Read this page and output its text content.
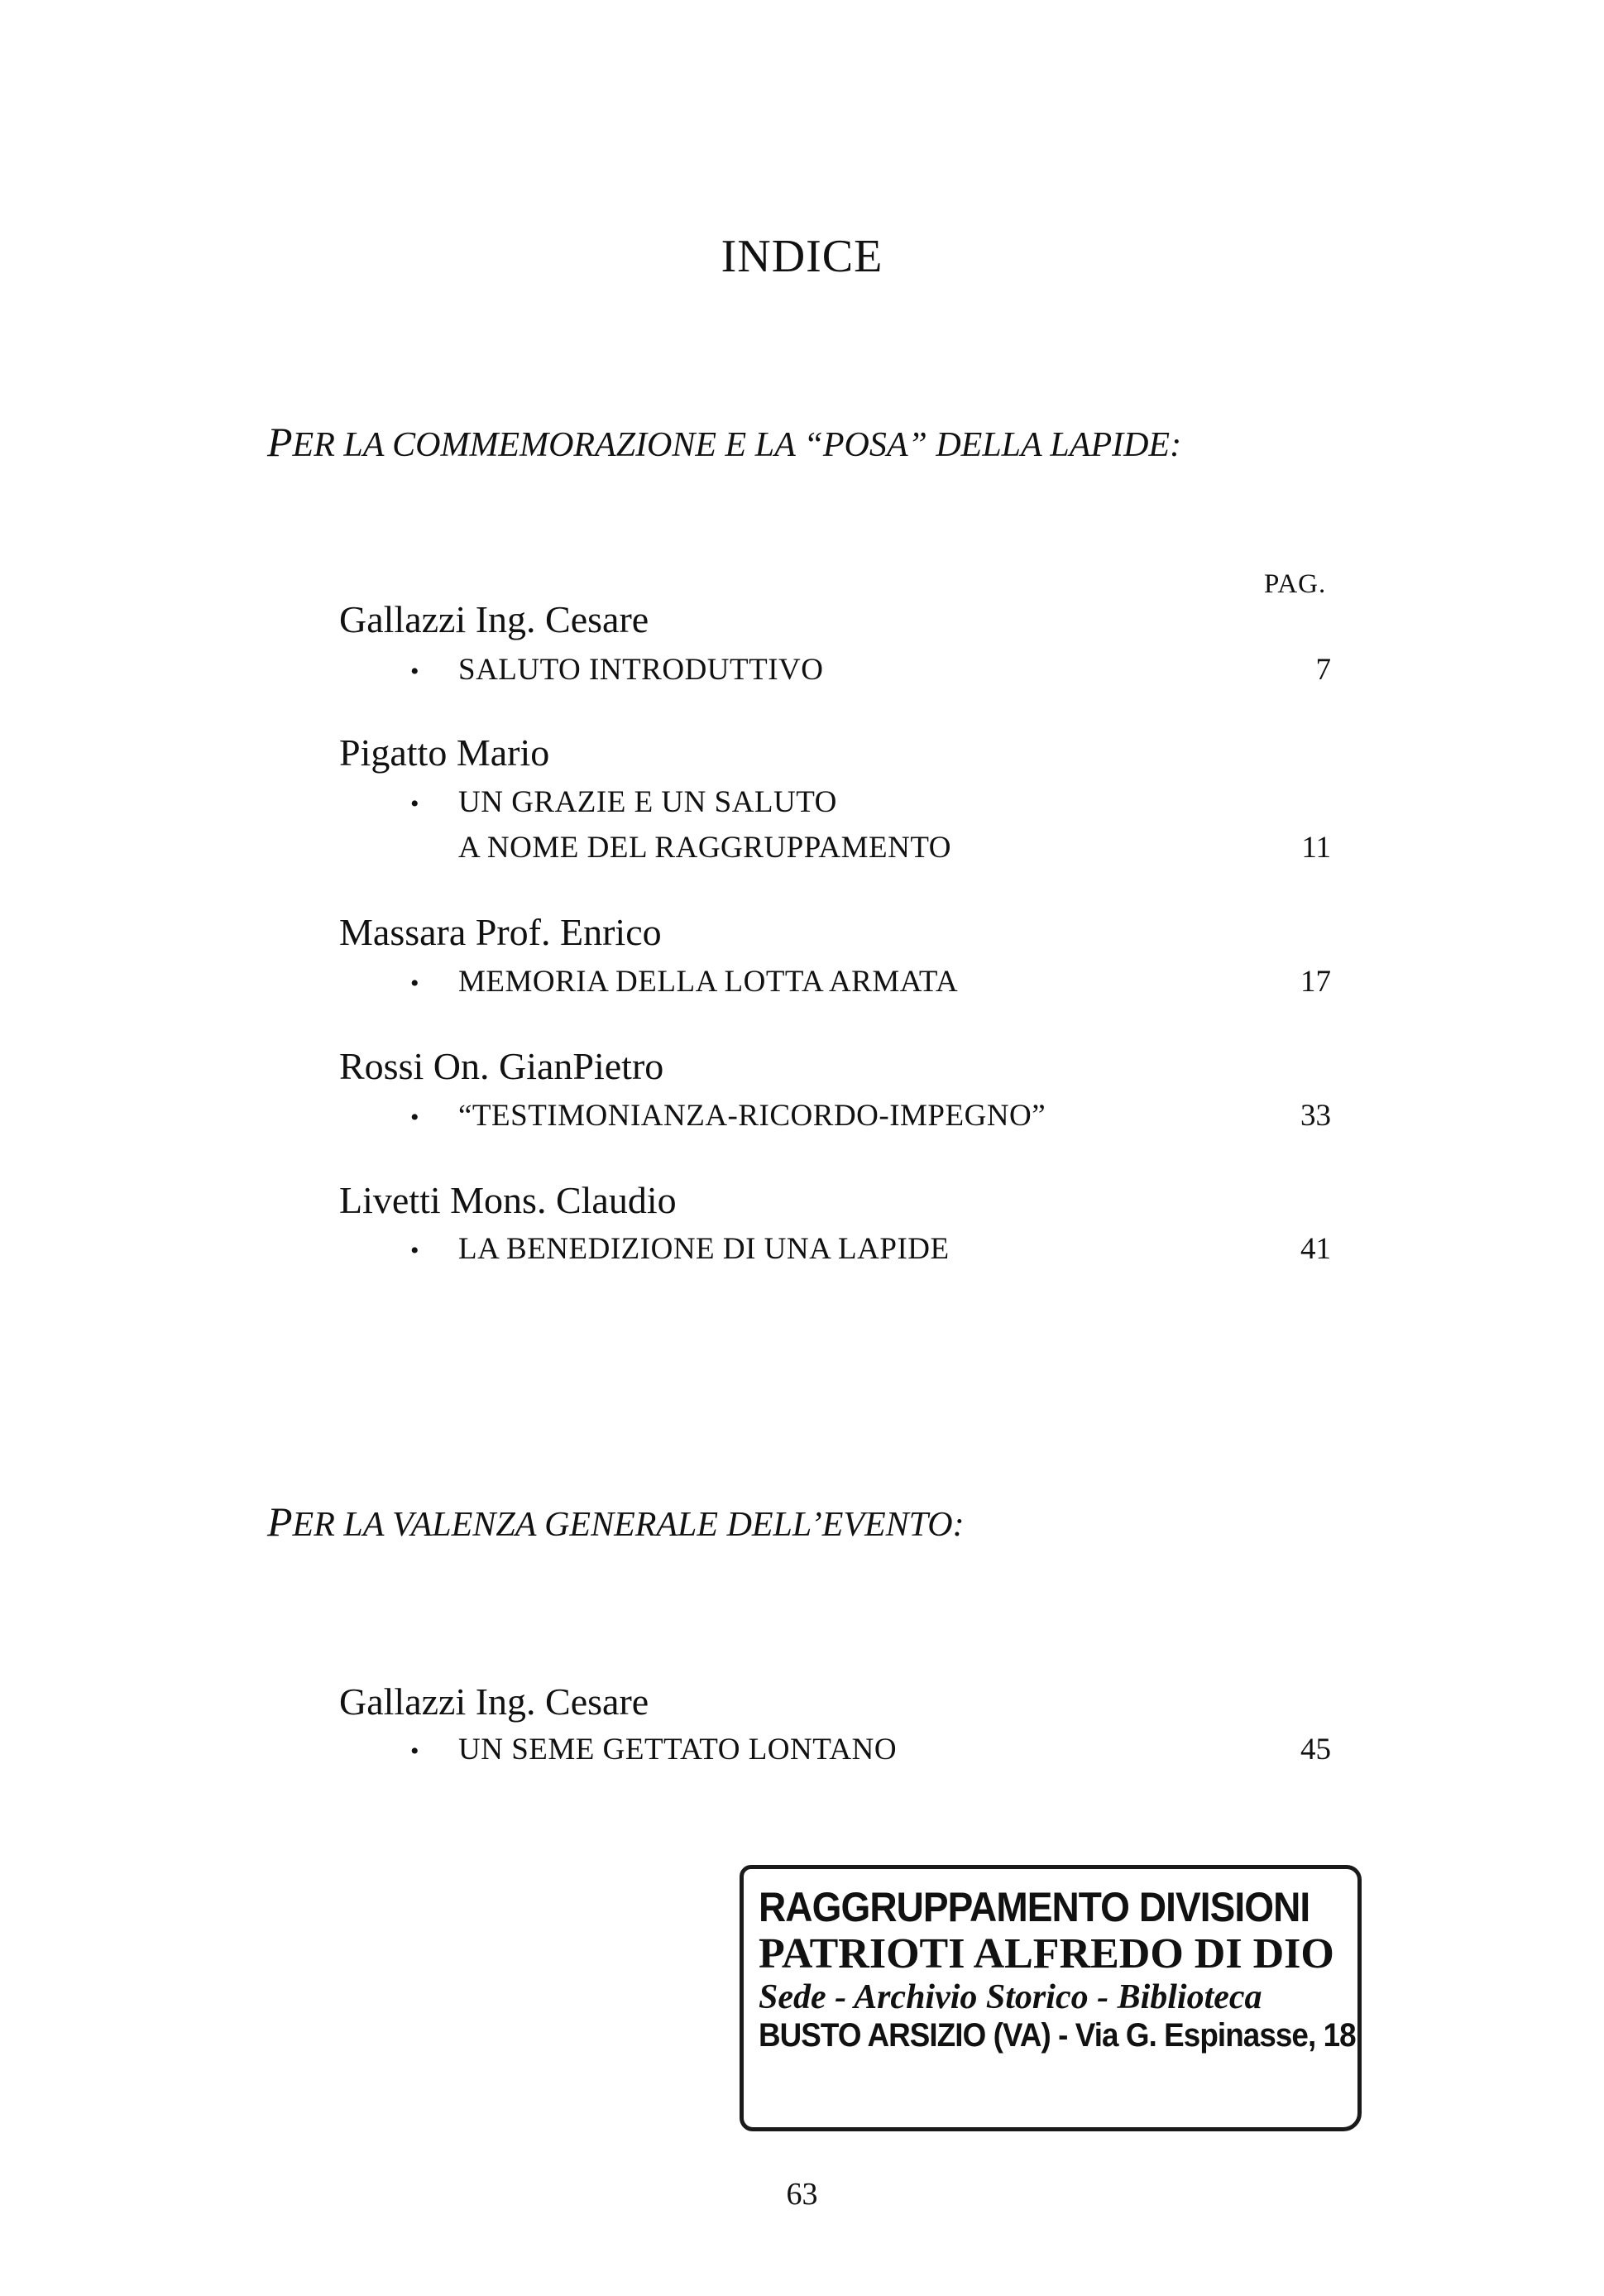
INDICE
PER LA COMMEMORAZIONE E LA “POSA” DELLA LAPIDE:
PAG.
Gallazzi Ing. Cesare
• SALUTO INTRODUTTIVO	7
Pigatto Mario
• UN GRAZIE E UN SALUTO
A NOME DEL RAGGRUPPAMENTO	11
Massara Prof. Enrico
• MEMORIA DELLA LOTTA ARMATA	17
Rossi On. GianPietro
• “TESTIMONIANZA-RICORDO-IMPEGNO”	33
Livetti Mons. Claudio
• LA BENEDIZIONE DI UNA LAPIDE	41
PER LA VALENZA GENERALE DELL’EVENTO:
Gallazzi Ing. Cesare
• UN SEME GETTATO LONTANO	45
RAGGRUPPAMENTO DIVISIONI
PATRIOTI ALFREDO DI DIO
Sede - Archivio Storico - Biblioteca
BUSTO ARSIZIO (VA) - Via G. Espinasse, 18
63
